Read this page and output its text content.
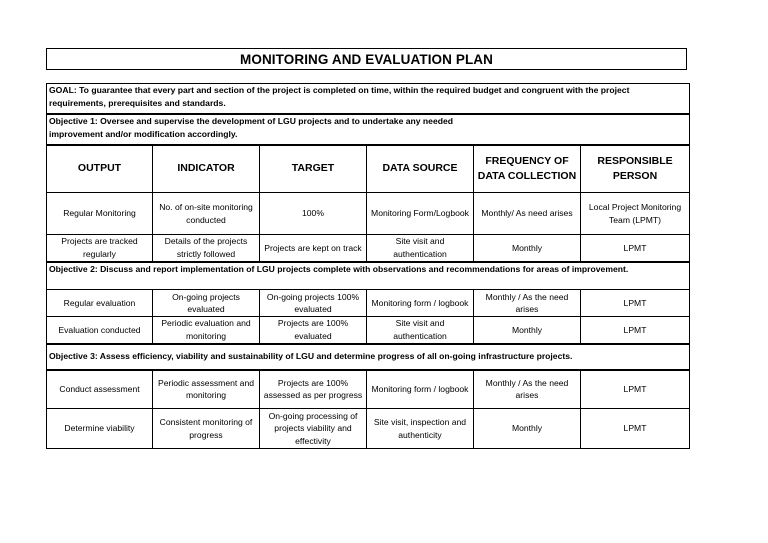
MONITORING AND EVALUATION PLAN
GOAL: To guarantee that every part and section of the project is completed on time, within the required budget and congruent with the project requirements, prerequisites and standards.					
Objective 1: Oversee and supervise the development of LGU projects and to undertake any needed improvement and/or modification accordingly.					
OUTPUT	INDICATOR	TARGET	DATA SOURCE	FREQUENCY OF DATA COLLECTION	RESPONSIBLE PERSON
Regular Monitoring	No. of on-site monitoring conducted	100%	Monitoring Form/Logbook	Monthly/ As need arises	Local Project Monitoring Team (LPMT)
Projects are tracked regularly	Details of the projects strictly followed	Projects are kept on track	Site visit and authentication	Monthly	LPMT
Objective 2: Discuss and report implementation of LGU projects complete with observations and recommendations for areas of improvement.					
Regular evaluation	On-going projects evaluated	On-going projects 100% evaluated	Monitoring form / logbook	Monthly / As the need arises	LPMT
Evaluation conducted	Periodic evaluation and monitoring	Projects are 100% evaluated	Site visit and authentication	Monthly	LPMT
Objective 3: Assess efficiency, viability and sustainability of LGU and determine progress of all on-going infrastructure projects.					
Conduct assessment	Periodic assessment and monitoring	Projects are 100% assessed as per progress	Monitoring form / logbook	Monthly / As the need arises	LPMT
Determine viability	Consistent monitoring of progress	On-going processing of projects viability and effectivity	Site visit, inspection and authenticity	Monthly	LPMT
